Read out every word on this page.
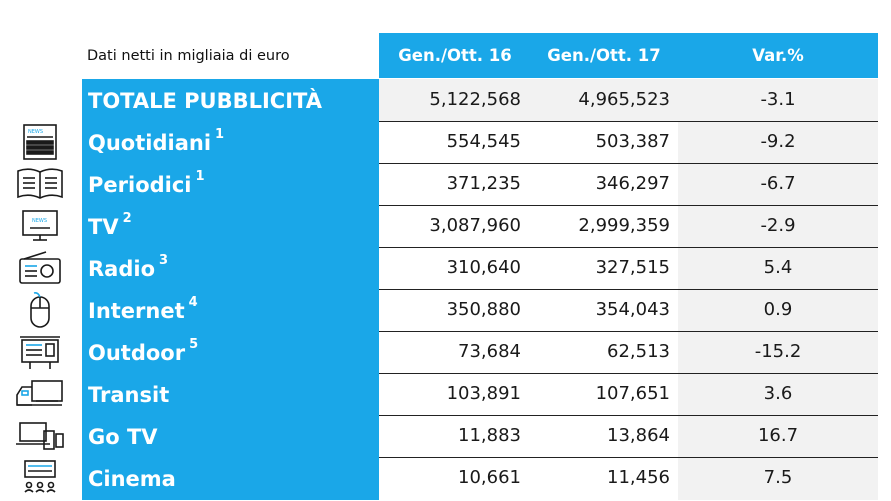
Dati netti in migliaia di euro	Gen./Ott. 16	Gen./Ott. 17	Var.%
TOTALE PUBBLICITÀ	5,122,568	4,965,523	-3.1
Quotidiani $^1$	554,545	503,387	-9.2
NEWS
Periodici $^1$	371,235	346,297	-6.7
TV $^2$	3,087,960	2,999,359	-2.9
NEWS
Radio $^3$	310,640	327,515	5.4
Internet $^4$	350,880	354,043	0.9
Outdoor $^5$	73,684	62,513	-15.2
Transit	103,891	107,651	3.6
Go TV	11,883	13,864	16.7
Cinema	10,661	11,456	7.5
